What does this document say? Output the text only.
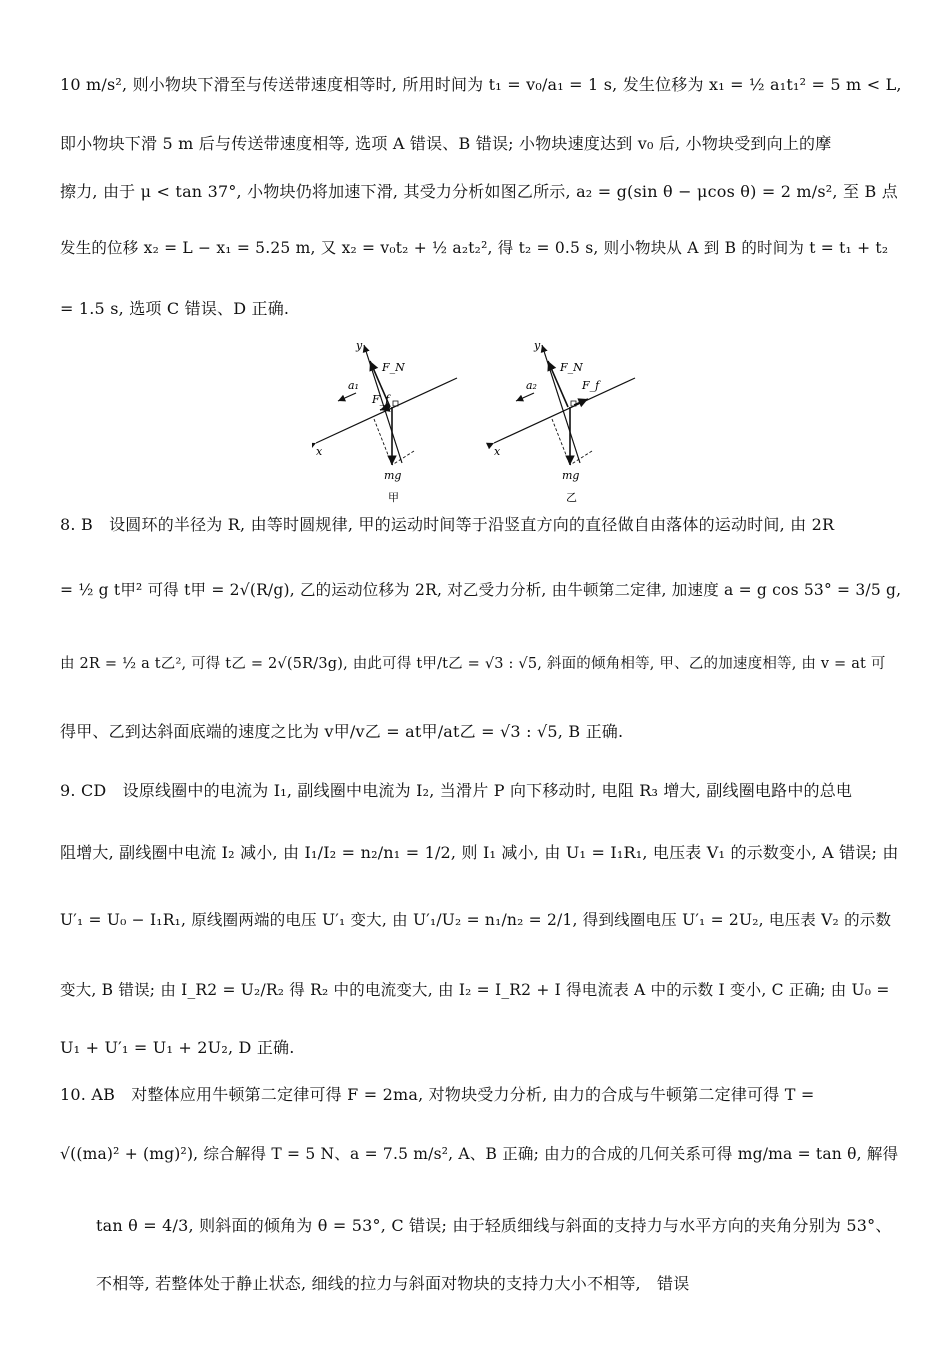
10 m/s², 则小物块下滑至与传送带速度相等时, 所用时间为 t₁ = v₀/a₁ = 1 s, 发生位移为 x₁ = ½ a₁t₁² = 5 m < L,
即小物块下滑 5 m 后与传送带速度相等, 选项 A 错误、B 错误; 小物块速度达到 v₀ 后, 小物块受到向上的摩
擦力, 由于 μ < tan 37°, 小物块仍将加速下滑, 其受力分析如图乙所示, a₂ = g(sin θ − μcos θ) = 2 m/s², 至 B 点
发生的位移 x₂ = L − x₁ = 5.25 m, 又 x₂ = v₀t₂ + ½ a₂t₂², 得 t₂ = 0.5 s, 则小物块从 A 到 B 的时间为 t = t₁ + t₂
= 1.5 s, 选项 C 错误、D 正确.
y
x
F_N
F_f
a₁
mg
甲
y
x
F_N
F_f
a₂
mg
乙
8. B　设圆环的半径为 R, 由等时圆规律, 甲的运动时间等于沿竖直方向的直径做自由落体的运动时间, 由 2R
= ½ g t甲² 可得 t甲 = 2√(R/g), 乙的运动位移为 2R, 对乙受力分析, 由牛顿第二定律, 加速度 a = g cos 53° = 3/5 g,
由 2R = ½ a t乙², 可得 t乙 = 2√(5R/3g), 由此可得 t甲/t乙 = √3 : √5, 斜面的倾角相等, 甲、乙的加速度相等, 由 v = at 可
得甲、乙到达斜面底端的速度之比为 v甲/v乙 = at甲/at乙 = √3 : √5, B 正确.
9. CD　设原线圈中的电流为 I₁, 副线圈中电流为 I₂, 当滑片 P 向下移动时, 电阻 R₃ 增大, 副线圈电路中的总电
阻增大, 副线圈中电流 I₂ 减小, 由 I₁/I₂ = n₂/n₁ = 1/2, 则 I₁ 减小, 由 U₁ = I₁R₁, 电压表 V₁ 的示数变小, A 错误; 由
U′₁ = U₀ − I₁R₁, 原线圈两端的电压 U′₁ 变大, 由 U′₁/U₂ = n₁/n₂ = 2/1, 得到线圈电压 U′₁ = 2U₂, 电压表 V₂ 的示数
变大, B 错误; 由 I_R2 = U₂/R₂ 得 R₂ 中的电流变大, 由 I₂ = I_R2 + I 得电流表 A 中的示数 I 变小, C 正确; 由 U₀ =
U₁ + U′₁ = U₁ + 2U₂, D 正确.
10. AB　对整体应用牛顿第二定律可得 F = 2ma, 对物块受力分析, 由力的合成与牛顿第二定律可得 T =
√((ma)² + (mg)²), 综合解得 T = 5 N、a = 7.5 m/s², A、B 正确; 由力的合成的几何关系可得 mg/ma = tan θ, 解得
tan θ = 4/3, 则斜面的倾角为 θ = 53°, C 错误; 由于轻质细线与斜面的支持力与水平方向的夹角分别为 53°、
不相等, 若整体处于静止状态, 细线的拉力与斜面对物块的支持力大小不相等,　错误
